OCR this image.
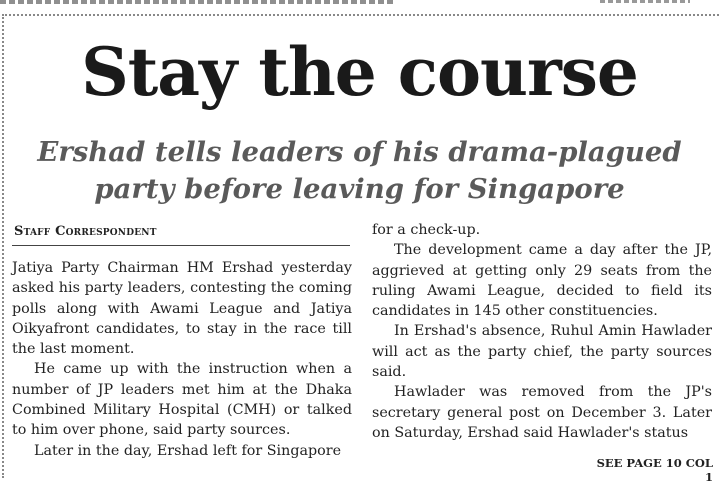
Stay the course
Ershad tells leaders of his drama-plagued party before leaving for Singapore
Staff Correspondent

Jatiya Party Chairman HM Ershad yesterday asked his party leaders, contesting the coming polls along with Awami League and Jatiya Oikyafront candidates, to stay in the race till the last moment.

He came up with the instruction when a number of JP leaders met him at the Dhaka Combined Military Hospital (CMH) or talked to him over phone, said party sources.

Later in the day, Ershad left for Singapore

for a check-up.

The development came a day after the JP, aggrieved at getting only 29 seats from the ruling Awami League, decided to field its candidates in 145 other constituencies.

In Ershad's absence, Ruhul Amin Hawlader will act as the party chief, the party sources said.

Hawlader was removed from the JP's secretary general post on December 3. Later on Saturday, Ershad said Hawlader's status

SEE PAGE 10 COL 1
